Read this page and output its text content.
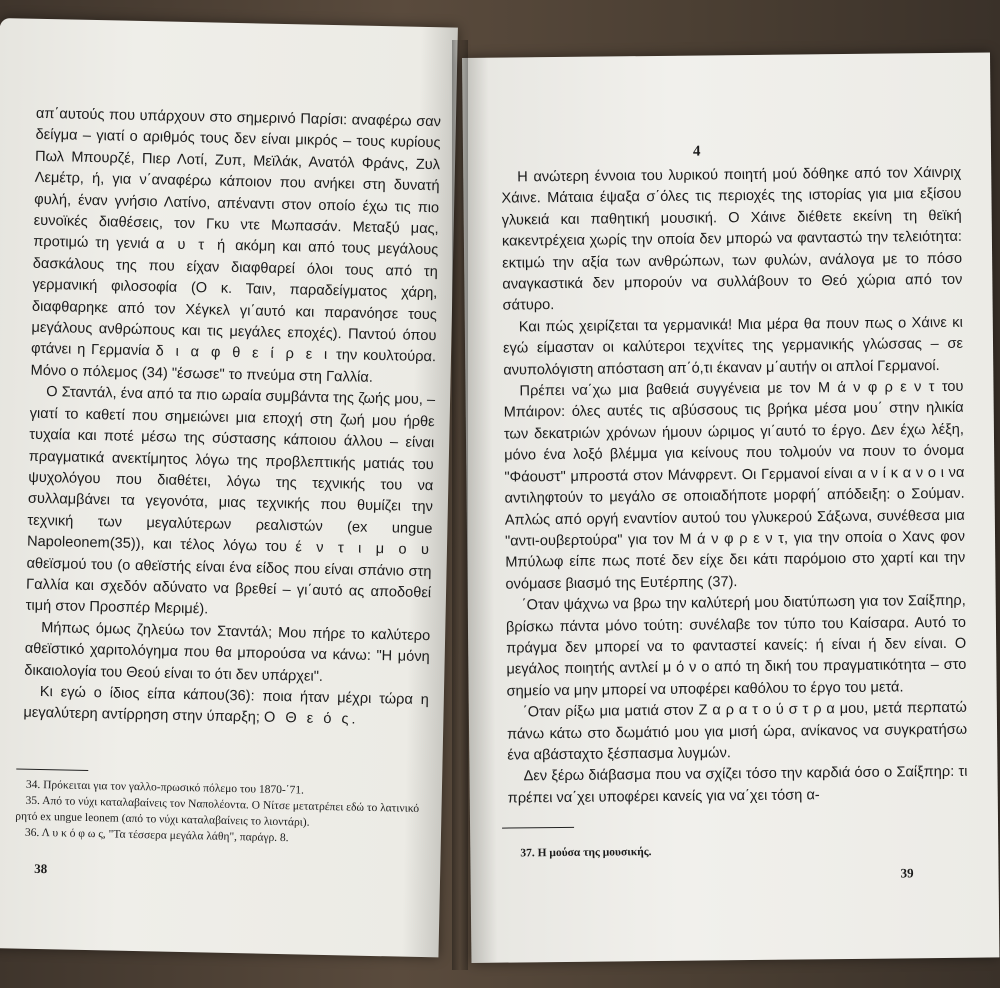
απ΄αυτούς που υπάρχουν στο σημερινό Παρίσι: αναφέρω σαν δείγμα – γιατί ο αριθμός τους δεν είναι μικρός – τους κυρίους Πωλ Μπουρζέ, Πιερ Λοτί, Ζυπ, Μεϊλάκ, Ανατόλ Φράνς, Ζυλ Λεμέτρ, ή, για ν΄αναφέρω κάποιον που ανήκει στη δυνατή φυλή, έναν γνήσιο Λατίνο, απέναντι στον οποίο έχω τις πιο ευνοϊκές διαθέσεις, τον Γκυ ντε Μωπασάν. Μεταξύ μας, προτιμώ τη γενιά α υ τ ή ακόμη και από τους μεγάλους δασκάλους της που είχαν διαφθαρεί όλοι τους από τη γερμανική φιλοσοφία (Ο κ. Ταιν, παραδείγματος χάρη, διαφθαρηκε από τον Χέγκελ γι΄αυτό και παρανόησε τους μεγάλους ανθρώπους και τις μεγάλες εποχές). Παντού όπου φτάνει η Γερμανία δ ι α φ θ ε ί ρ ε ι την κουλτούρα. Μόνο ο πόλεμος (34) "έσωσε" το πνεύμα στη Γαλλία.

Ο Σταντάλ, ένα από τα πιο ωραία συμβάντα της ζωής μου, – γιατί το καθετί που σημειώνει μια εποχή στη ζωή μου ήρθε τυχαία και ποτέ μέσω της σύστασης κάποιου άλλου – είναι πραγματικά ανεκτίμητος λόγω της προβλεπτικής ματιάς του ψυχολόγου που διαθέτει, λόγω της τεχνικής του να συλλαμβάνει τα γεγονότα, μιας τεχνικής που θυμίζει την τεχνική των μεγαλύτερων ρεαλιστών (ex ungue Napoleonem(35)), και τέλος λόγω του έ ν τ ι μ ο υ αθεϊσμού του (ο αθεϊστής είναι ένα είδος που είναι σπάνιο στη Γαλλία και σχεδόν αδύνατο να βρεθεί – γι΄αυτό ας αποδοθεί τιμή στον Προσπέρ Μεριμέ).

Μήπως όμως ζηλεύω τον Σταντάλ; Μου πήρε το καλύτερο αθεϊστικό χαριτολόγημα που θα μπορούσα να κάνω: "Η μόνη δικαιολογία του Θεού είναι το ότι δεν υπάρχει".

Κι εγώ ο ίδιος είπα κάπου(36): ποια ήταν μέχρι τώρα η μεγαλύτερη αντίρρηση στην ύπαρξη; Ο Θ ε ό ς.

34. Πρόκειται για τον γαλλο-πρωσικό πόλεμο του 1870-΄71.

35. Από το νύχι καταλαβαίνεις τον Ναπολέοντα. Ο Νίτσε μετατρέπει εδώ το λατινικό ρητό ex ungue leonem (από το νύχι καταλαβαίνεις το λιοντάρι).

36. Λ υ κ ό φ ω ς, "Τα τέσσερα μεγάλα λάθη", παράγρ. 8.

38
4

Η ανώτερη έννοια του λυρικού ποιητή μού δόθηκε από τον Χάινριχ Χάινε. Μάταια έψαξα σ΄όλες τις περιοχές της ιστορίας για μια εξίσου γλυκειά και παθητική μουσική. Ο Χάινε διέθετε εκείνη τη θεϊκή κακεντρέχεια χωρίς την οποία δεν μπορώ να φανταστώ την τελειότητα: εκτιμώ την αξία των ανθρώπων, των φυλών, ανάλογα με το πόσο αναγκαστικά δεν μπορούν να συλλάβουν το Θεό χώρια από τον σάτυρο.

Και πώς χειρίζεται τα γερμανικά! Μια μέρα θα πουν πως ο Χάινε κι εγώ είμασταν οι καλύτεροι τεχνίτες της γερμανικής γλώσσας – σε ανυπολόγιστη απόσταση απ΄ό,τι έκαναν μ΄αυτήν οι απλοί Γερμανοί.

Πρέπει να΄χω μια βαθειά συγγένεια με τον Μ ά ν φ ρ ε ν τ του Μπάιρον: όλες αυτές τις αβύσσους τις βρήκα μέσα μου΄ στην ηλικία των δεκατριών χρόνων ήμουν ώριμος γι΄αυτό το έργο. Δεν έχω λέξη, μόνο ένα λοξό βλέμμα για κείνους που τολμούν να πουν το όνομα "Φάουστ" μπροστά στον Μάνφρεντ. Οι Γερμανοί είναι α ν ί κ α ν ο ι να αντιληφτούν το μεγάλο σε οποιαδήποτε μορφή΄ απόδειξη: ο Σούμαν. Απλώς από οργή εναντίον αυτού του γλυκερού Σάξωνα, συνέθεσα μια "αντι-ουβερτούρα" για τον Μ ά ν φ ρ ε ν τ, για την οποία ο Χανς φον Μπύλωφ είπε πως ποτέ δεν είχε δει κάτι παρόμοιο στο χαρτί και την ονόμασε βιασμό της Ευτέρπης (37).

΄Οταν ψάχνω να βρω την καλύτερή μου διατύπωση για τον Σαίξπηρ, βρίσκω πάντα μόνο τούτη: συνέλαβε τον τύπο του Καίσαρα. Αυτό το πράγμα δεν μπορεί να το φανταστεί κανείς: ή είναι ή δεν είναι. Ο μεγάλος ποιητής αντλεί μ ό ν ο από τη δική του πραγματικότητα – στο σημείο να μην μπορεί να υποφέρει καθόλου το έργο του μετά.

΄Οταν ρίξω μια ματιά στον Ζ α ρ α τ ο ύ σ τ ρ α μου, μετά περπατώ πάνω κάτω στο δωμάτιό μου για μισή ώρα, ανίκανος να συγκρατήσω ένα αβάσταχτο ξέσπασμα λυγμών.

Δεν ξέρω διάβασμα που να σχίζει τόσο την καρδιά όσο ο Σαίξπηρ: τι πρέπει να΄χει υποφέρει κανείς για να΄χει τόση α-

37. Η μούσα της μουσικής.

39
